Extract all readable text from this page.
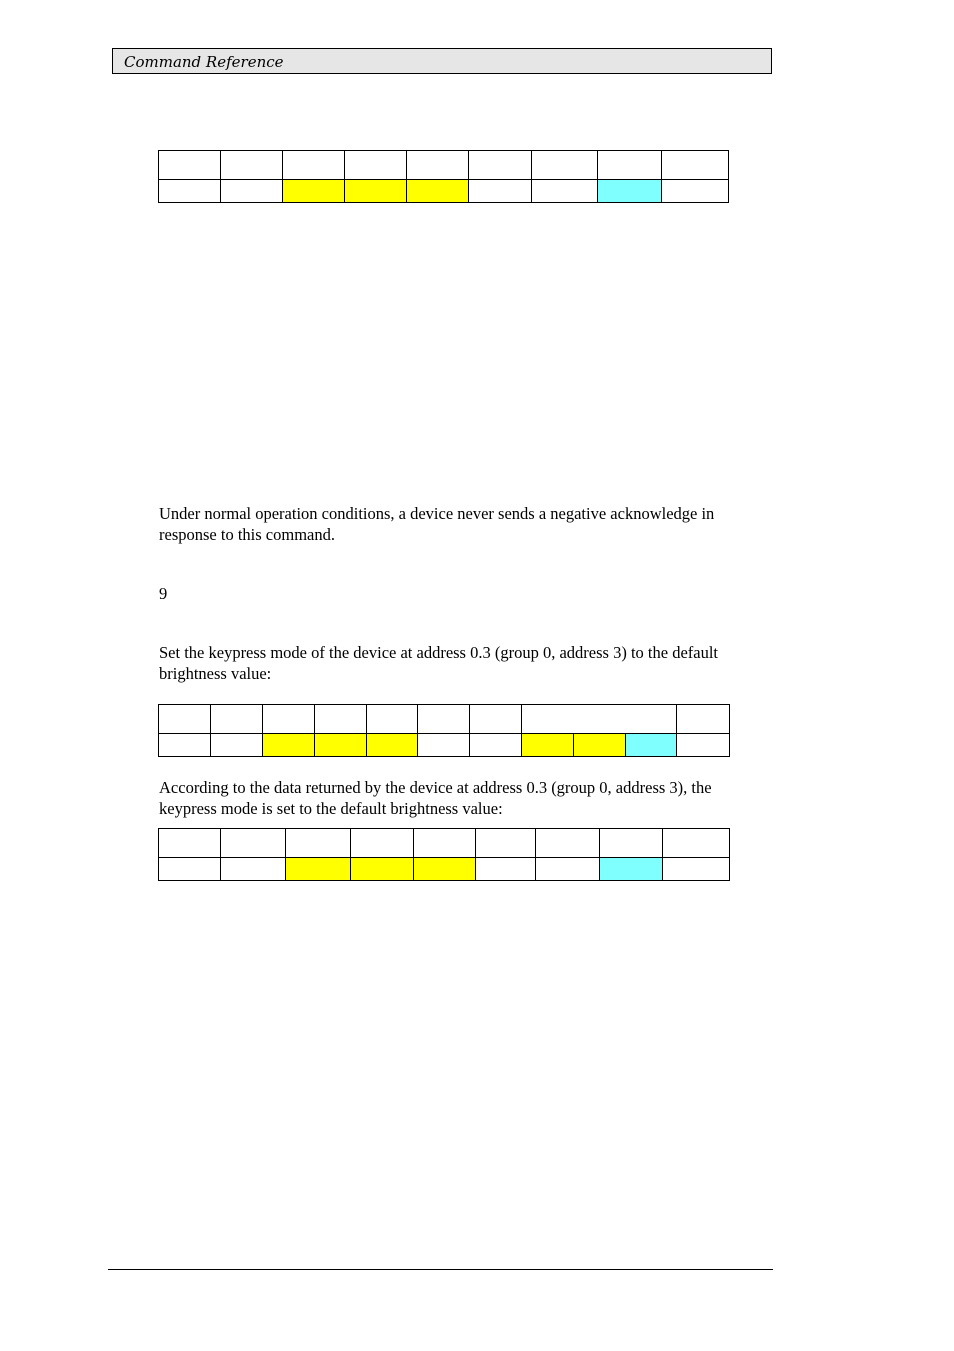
Command Reference

Under normal operation conditions, a device never sends a negative acknowledge in response to this command.
9
Set the keypress mode of the device at address 0.3 (group 0, address 3) to the default brightness value:

According to the data returned by the device at address 0.3 (group 0, address 3), the keypress mode is set to the default brightness value:
